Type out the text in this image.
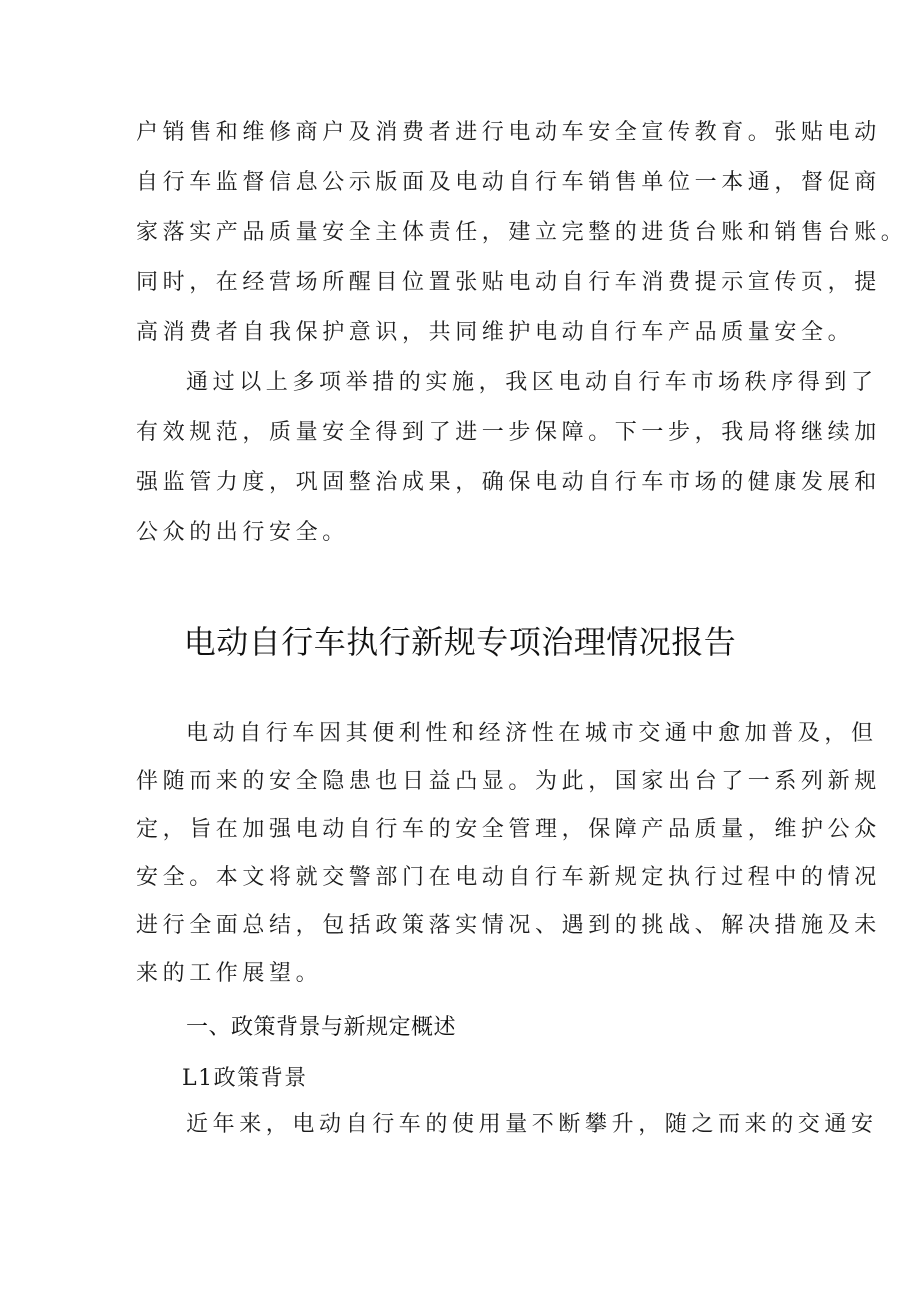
户销售和维修商户及消费者进行电动车安全宣传教育。张贴电动
自行车监督信息公示版面及电动自行车销售单位一本通，督促商
家落实产品质量安全主体责任，建立完整的进货台账和销售台账。
同时，在经营场所醒目位置张贴电动自行车消费提示宣传页，提
高消费者自我保护意识，共同维护电动自行车产品质量安全。
通过以上多项举措的实施，我区电动自行车市场秩序得到了
有效规范，质量安全得到了进一步保障。下一步，我局将继续加
强监管力度，巩固整治成果，确保电动自行车市场的健康发展和
公众的出行安全。
电动自行车执行新规专项治理情况报告
电动自行车因其便利性和经济性在城市交通中愈加普及，但
伴随而来的安全隐患也日益凸显。为此，国家出台了一系列新规
定，旨在加强电动自行车的安全管理，保障产品质量，维护公众
安全。本文将就交警部门在电动自行车新规定执行过程中的情况
进行全面总结，包括政策落实情况、遇到的挑战、解决措施及未
来的工作展望。
一、政策背景与新规定概述
L1政策背景
近年来，电动自行车的使用量不断攀升，随之而来的交通安
